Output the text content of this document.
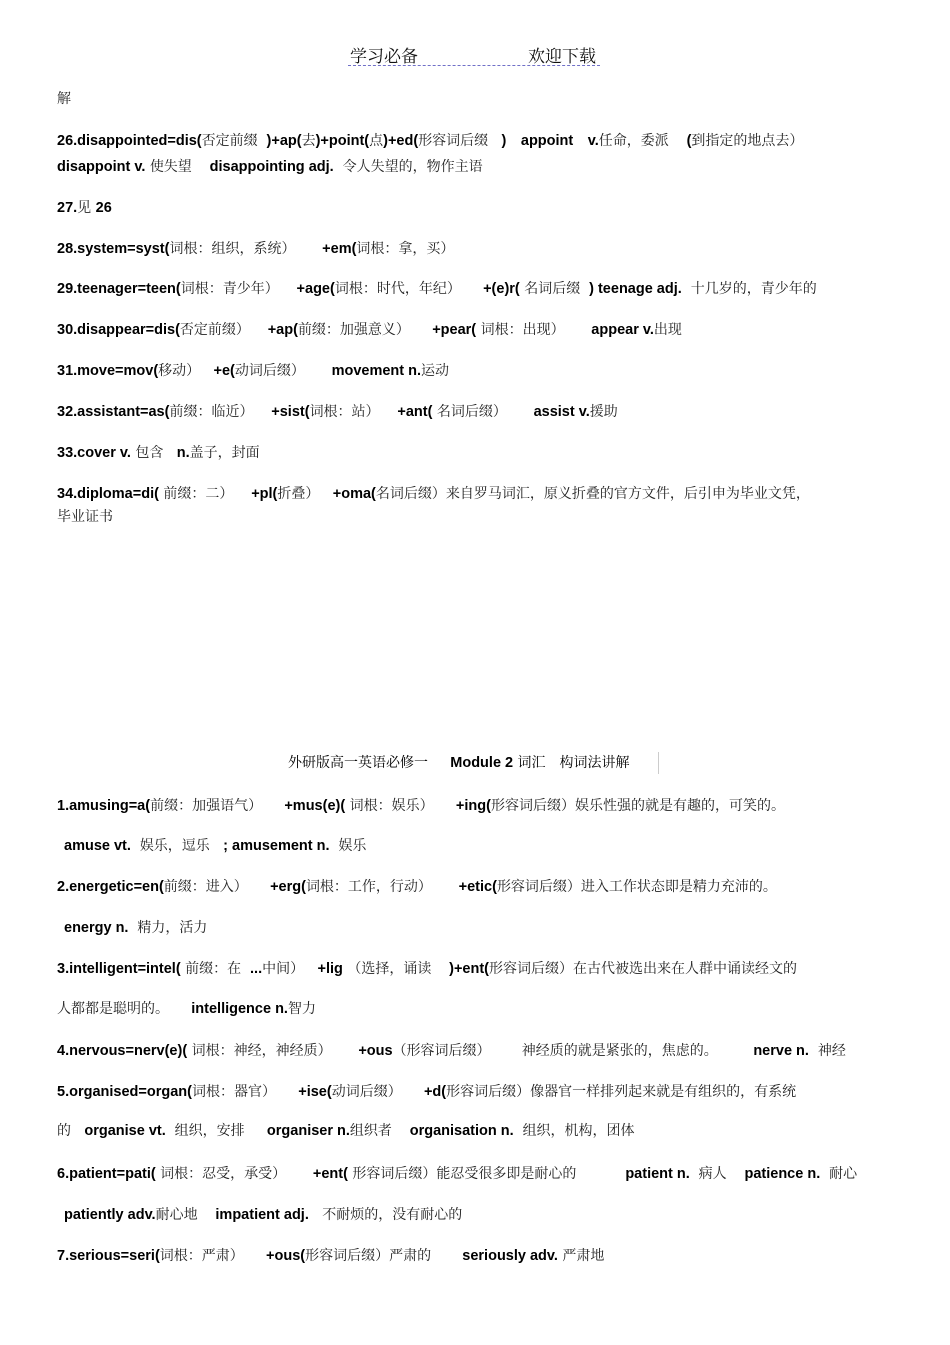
学习必备	欢迎下载
解
26.disappointed=dis(否定前缀 )+ap(去)+point(点)+ed(形容词后缀 )　appoint　v.任命，委派 (到指定的地点去）
disappoint v. 使失望 disappointing adj. 令人失望的，物作主语
27.见 26
28.system=syst(词根：组织，系统） +em(词根：拿，买）
29.teenager=teen(词根：青少年） +age(词根：时代，年纪） +(e)r( 名词后缀 ) teenage adj. 十几岁的，青少年的
30.disappear=dis(否定前缀） +ap(前缀：加强意义） +pear( 词根：出现） appear v.出现
31.move=mov(移动） +e(动词后缀） movement n.运动
32.assistant=as(前缀：临近） +sist(词根：站） +ant( 名词后缀） assist v.援助
33.cover v. 包含 n.盖子，封面
34.diploma=di( 前缀：二） +pl(折叠） +oma(名词后缀）来自罗马词汇，原义折叠的官方文件，后引申为毕业文凭，
毕业证书
外研版高一英语必修一 Module 2 词汇　构词法讲解
1.amusing=a(前缀：加强语气） +mus(e)( 词根：娱乐） +ing(形容词后缀）娱乐性强的就是有趣的，可笑的。
amuse vt. 娱乐，逗乐 ; amusement n. 娱乐
2.energetic=en(前缀：进入） +erg(词根：工作，行动） +etic(形容词后缀）进入工作状态即是精力充沛的。
energy n. 精力，活力
3.intelligent=intel( 前缀：在 ...中间） +lig （选择，诵读 )+ent(形容词后缀）在古代被选出来在人群中诵读经文的
人都都是聪明的。 intelligence n.智力
4.nervous=nerv(e)( 词根：神经，神经质） +ous（形容词后缀） 神经质的就是紧张的，焦虑的。 nerve n. 神经
5.organised=organ(词根：器官） +ise(动词后缀） +d(形容词后缀）像器官一样排列起来就是有组织的，有系统
的 organise vt. 组织，安排 organiser n.组织者 organisation n. 组织，机构，团体
6.patient=pati( 词根：忍受，承受） +ent( 形容词后缀）能忍受很多即是耐心的	patient n. 病人 patience n. 耐心
patiently adv.耐心地 impatient adj. 不耐烦的，没有耐心的
7.serious=seri(词根：严肃） +ous(形容词后缀）严肃的 seriously adv. 严肃地
